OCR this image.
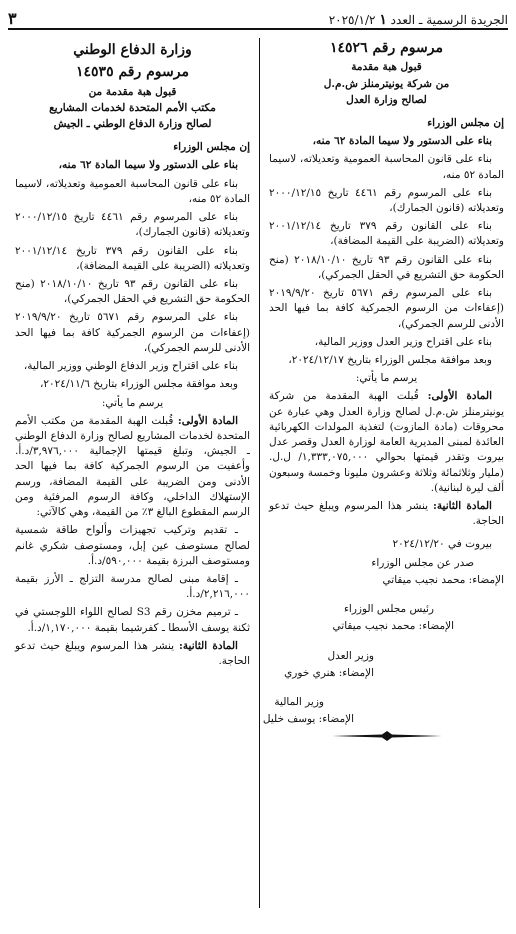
٣	الجريدة الرسمية ـ العدد ١ ٢٠٢٥/١/٢
مرسوم رقم ١٤٥٢٦
قبول هبة مقدمة
من شركة يونيترمنلز ش.م.ل
لصالح وزارة العدل

إن مجلس الوزراء

بناء على الدستور ولا سيما المادة ٦٢ منه،

بناء على قانون المحاسبة العمومية وتعديلاته، لاسيما المادة ٥٢ منه،

بناء على المرسوم رقم ٤٤٦١ تاريخ ٢٠٠٠/١٢/١٥ وتعديلاته (قانون الجمارك)،

بناء على القانون رقم ٣٧٩ تاريخ ٢٠٠١/١٢/١٤ وتعديلاته (الضريبة على القيمة المضافة)،

بناء على القانون رقم ٩٣ تاريخ ٢٠١٨/١٠/١٠ (منح الحكومة حق التشريع في الحقل الجمركي)،

بناء على المرسوم رقم ٥٦٧١ تاريخ ٢٠١٩/٩/٢٠ (إعفاءات من الرسوم الجمركية كافة بما فيها الحد الأدنى للرسم الجمركي)،

بناء على اقتراح وزير العدل ووزير المالية،

وبعد موافقة مجلس الوزراء بتاريخ ٢٠٢٤/١٢/١٧،

يرسم ما يأتي:

المادة الأولى: قُبلت الهبة المقدمة من شركة يونيترمنلز ش.م.ل لصالح وزارة العدل وهي عبارة عن محروقات (مادة المازوت) لتغذية المولدات الكهربائية العائدة لمبنى المديرية العامة لوزارة العدل وقصر عدل بيروت وتقدر قيمتها بحوالي ١,٣٣٣,٠٧٥,٠٠٠/ ل.ل. (مليار وثلاثمائة وثلاثة وعشرون مليونا وخمسة وسبعون ألف ليرة لبنانية).

المادة الثانية: ينشر هذا المرسوم ويبلغ حيث تدعو الحاجة.

بيروت في ٢٠٢٤/١٢/٢٠

صدر عن مجلس الوزراء

الإمضاء: محمد نجيب ميقاتي

رئيس مجلس الوزراء

الإمضاء: محمد نجيب ميقاتي

وزير العدل

الإمضاء: هنري خوري

وزير المالية

الإمضاء: يوسف خليل

وزارة الدفاع الوطني
مرسوم رقم ١٤٥٣٥
قبول هبة مقدمة من
مكتب الأمم المتحدة لخدمات المشاريع
لصالح وزارة الدفاع الوطني ـ الجيش

إن مجلس الوزراء

بناء على الدستور ولا سيما المادة ٦٢ منه،

بناء على قانون المحاسبة العمومية وتعديلاته، لاسيما المادة ٥٢ منه،

بناء على المرسوم رقم ٤٤٦١ تاريخ ٢٠٠٠/١٢/١٥ وتعديلاته (قانون الجمارك)،

بناء على القانون رقم ٣٧٩ تاريخ ٢٠٠١/١٢/١٤ وتعديلاته (الضريبة على القيمة المضافة)،

بناء على القانون رقم ٩٣ تاريخ ٢٠١٨/١٠/١٠ (منح الحكومة حق التشريع في الحقل الجمركي)،

بناء على المرسوم رقم ٥٦٧١ تاريخ ٢٠١٩/٩/٢٠ (إعفاءات من الرسوم الجمركية كافة بما فيها الحد الأدنى للرسم الجمركي)،

بناء على اقتراح وزير الدفاع الوطني ووزير المالية،

وبعد موافقة مجلس الوزراء بتاريخ ٢٠٢٤/١١/٦،

يرسم ما يأتي:

المادة الأولى: قُبلت الهبة المقدمة من مكتب الأمم المتحدة لخدمات المشاريع لصالح وزارة الدفاع الوطني ـ الجيش، وتبلغ قيمتها الإجمالية ٣,٩٧٦,٠٠٠/د.أ. وأعفيت من الرسوم الجمركية كافة بما فيها الحد الأدنى ومن الضريبة على القيمة المضافة، ورسم الإستهلاك الداخلي، وكافة الرسوم المرفئية ومن الرسم المقطوع البالغ ٣٪ من القيمة، وهي كالآتي:

ـ تقديم وتركيب تجهيزات وألواح طاقة شمسية لصالح مستوصف عين إبل، ومستوصف شكري غانم ومستوصف البرزة بقيمة ٥٩٠,٠٠٠/د.أ.

ـ إقامة مبنى لصالح مدرسة التزلج ـ الأرز بقيمة ٢,٢١٦,٠٠٠/د.أ.

ـ ترميم مخزن رقم S3 لصالح اللواء اللوجستي في ثكنة يوسف الأسطا ـ كفرشيما بقيمة ١,١٧٠,٠٠٠/د.أ.

المادة الثانية: ينشر هذا المرسوم ويبلغ حيث تدعو الحاجة.
